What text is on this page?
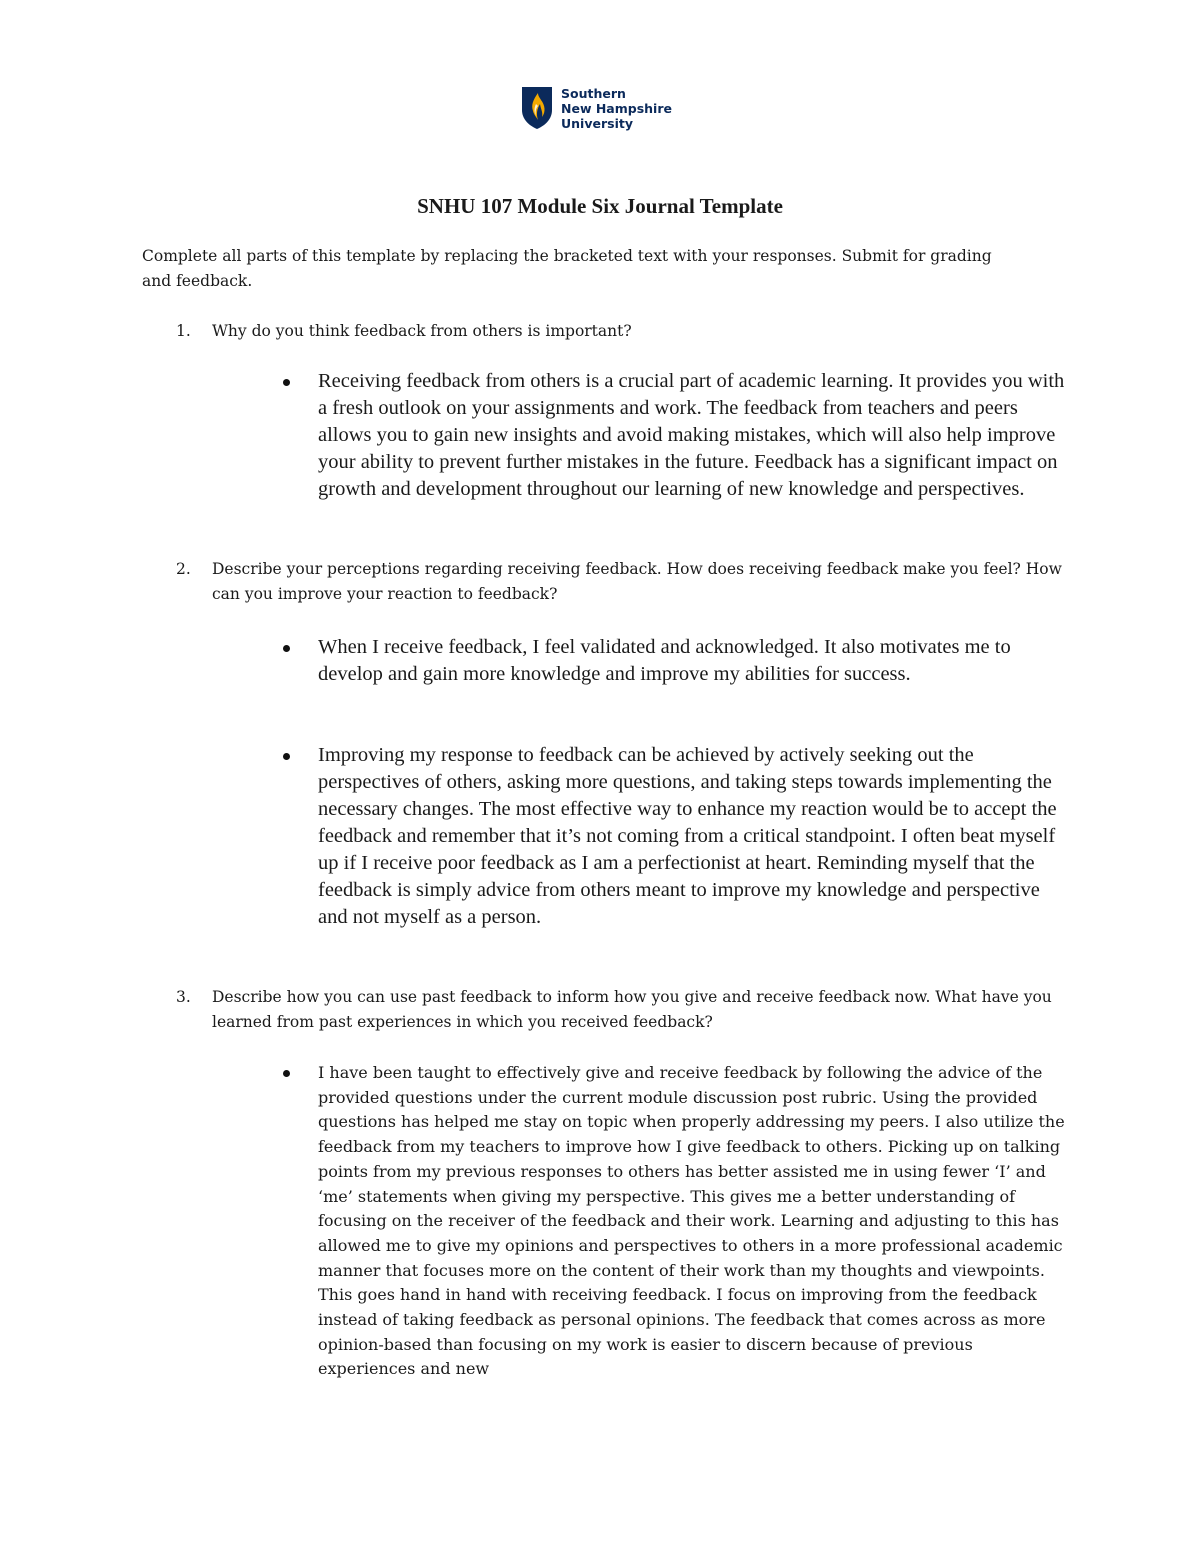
Southern
New Hampshire
University
SNHU 107 Module Six Journal Template
Complete all parts of this template by replacing the bracketed text with your responses. Submit for grading and feedback.
1.	Why do you think feedback from others is important?
Receiving feedback from others is a crucial part of academic learning. It provides you with a fresh outlook on your assignments and work. The feedback from teachers and peers allows you to gain new insights and avoid making mistakes, which will also help improve your ability to prevent further mistakes in the future. Feedback has a significant impact on growth and development throughout our learning of new knowledge and perspectives.
2.	Describe your perceptions regarding receiving feedback. How does receiving feedback make you feel? How can you improve your reaction to feedback?
When I receive feedback, I feel validated and acknowledged. It also motivates me to develop and gain more knowledge and improve my abilities for success.
Improving my response to feedback can be achieved by actively seeking out the perspectives of others, asking more questions, and taking steps towards implementing the necessary changes. The most effective way to enhance my reaction would be to accept the feedback and remember that it’s not coming from a critical standpoint. I often beat myself up if I receive poor feedback as I am a perfectionist at heart. Reminding myself that the feedback is simply advice from others meant to improve my knowledge and perspective and not myself as a person.
3.	Describe how you can use past feedback to inform how you give and receive feedback now. What have you learned from past experiences in which you received feedback?
I have been taught to effectively give and receive feedback by following the advice of the provided questions under the current module discussion post rubric. Using the provided questions has helped me stay on topic when properly addressing my peers. I also utilize the feedback from my teachers to improve how I give feedback to others. Picking up on talking points from my previous responses to others has better assisted me in using fewer ‘I’ and ‘me’ statements when giving my perspective. This gives me a better understanding of focusing on the receiver of the feedback and their work. Learning and adjusting to this has allowed me to give my opinions and perspectives to others in a more professional academic manner that focuses more on the content of their work than my thoughts and viewpoints. This goes hand in hand with receiving feedback. I focus on improving from the feedback instead of taking feedback as personal opinions. The feedback that comes across as more opinion-based than focusing on my work is easier to discern because of previous experiences and new
